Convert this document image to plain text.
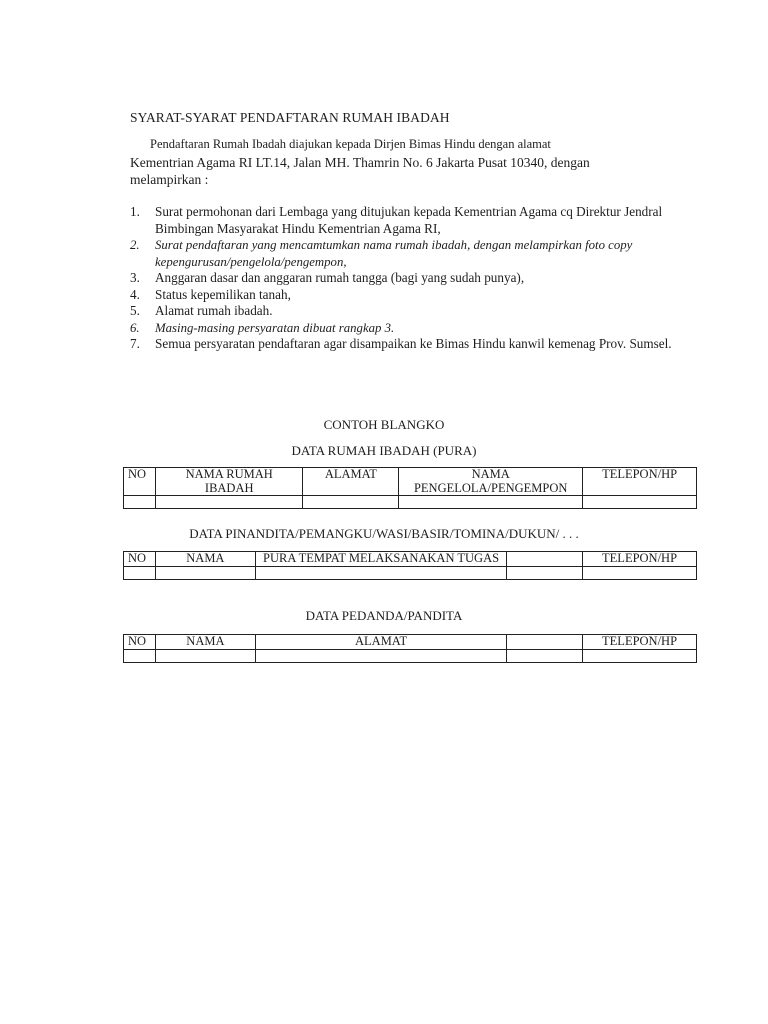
SYARAT-SYARAT PENDAFTARAN RUMAH IBADAH
Pendaftaran Rumah Ibadah diajukan kepada Dirjen Bimas Hindu dengan alamat
Kementrian Agama RI LT.14, Jalan MH. Thamrin No. 6 Jakarta Pusat 10340, dengan
melampirkan :
1.	Surat permohonan dari Lembaga yang ditujukan kepada Kementrian Agama cq Direktur Jendral Bimbingan Masyarakat Hindu Kementrian Agama RI,
2.	Surat pendaftaran yang mencamtumkan nama rumah ibadah, dengan melampirkan foto copy kepengurusan/pengelola/pengempon,
3.	Anggaran dasar dan anggaran rumah tangga (bagi yang sudah punya),
4.	Status kepemilikan tanah,
5.	Alamat rumah ibadah.
6.	Masing-masing persyaratan dibuat rangkap 3.
7.	Semua persyaratan pendaftaran agar disampaikan ke Bimas Hindu kanwil kemenag Prov. Sumsel.
CONTOH BLANGKO
DATA RUMAH IBADAH (PURA)
NO	NAMA RUMAH IBADAH	ALAMAT	NAMA PENGELOLA/PENGEMPON	TELEPON/HP

DATA PINANDITA/PEMANGKU/WASI/BASIR/TOMINA/DUKUN/ . . .
NO	NAMA	PURA TEMPAT MELAKSANAKAN TUGAS		TELEPON/HP

DATA PEDANDA/PANDITA
NO	NAMA	ALAMAT		TELEPON/HP
